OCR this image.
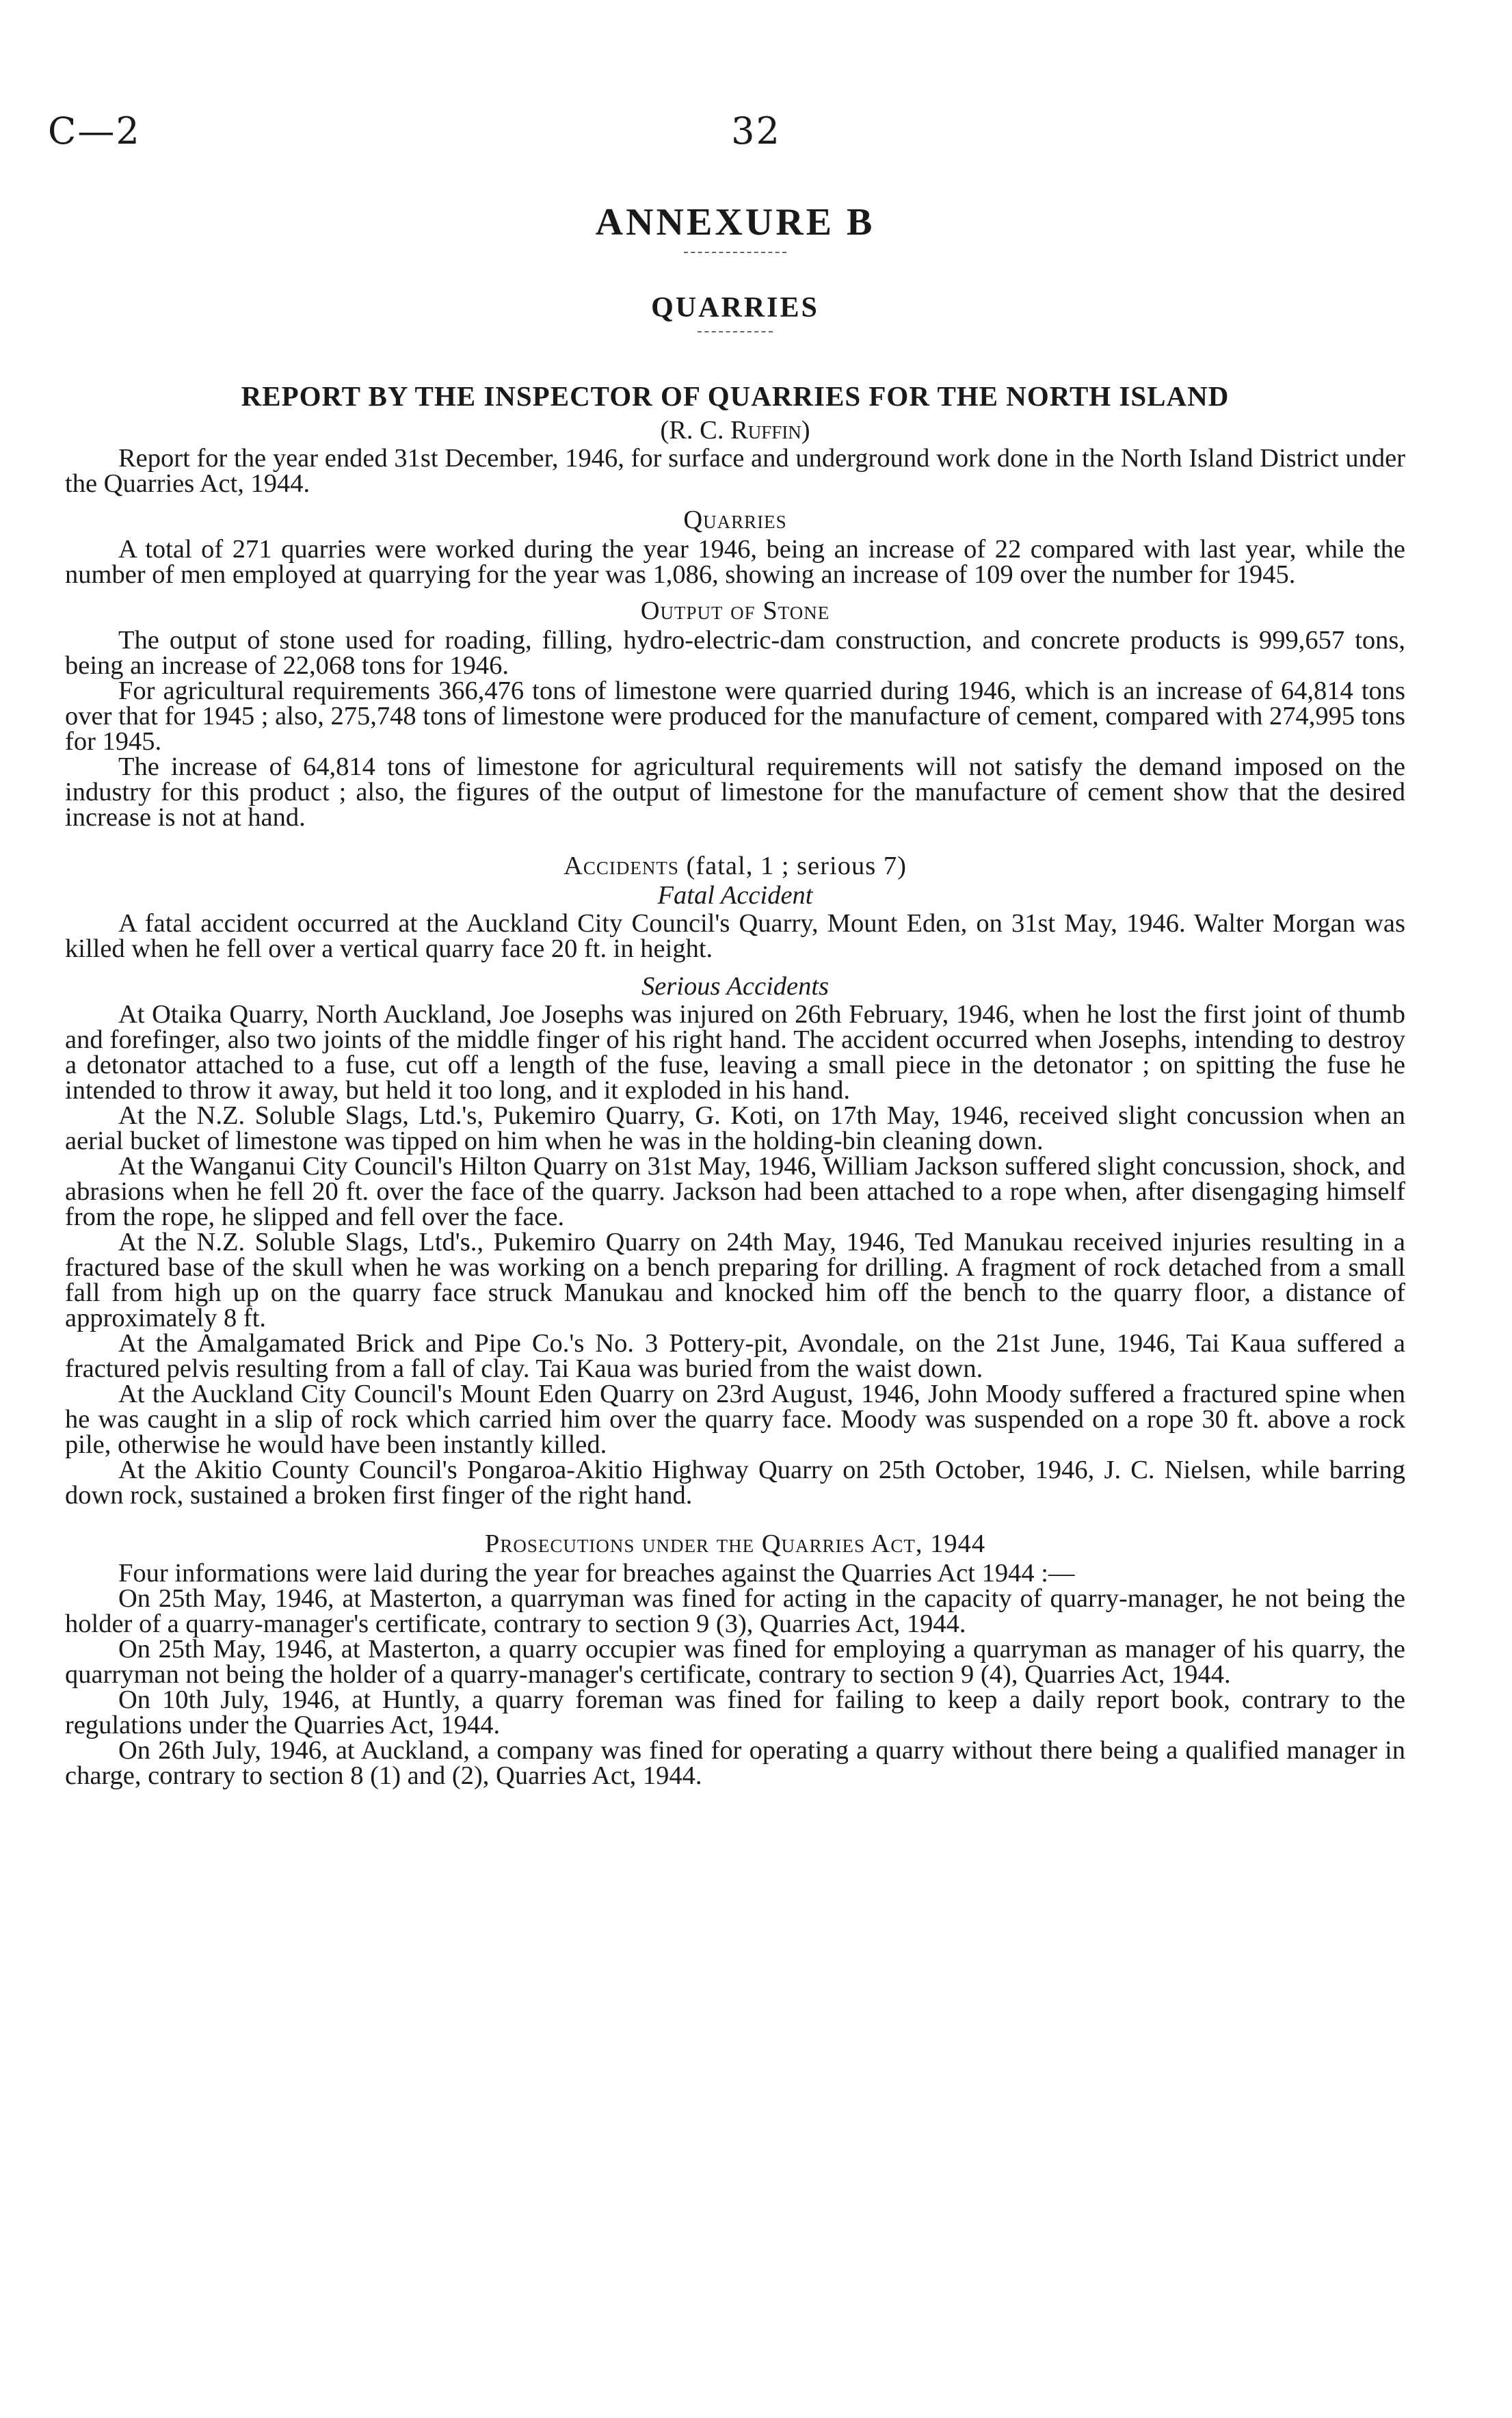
C—2	32
ANNEXURE B
QUARRIES
REPORT BY THE INSPECTOR OF QUARRIES FOR THE NORTH ISLAND
(R. C. Ruffin)

Report for the year ended 31st December, 1946, for surface and underground work done in the North Island District under the Quarries Act, 1944.

Quarries

A total of 271 quarries were worked during the year 1946, being an increase of 22 compared with last year, while the number of men employed at quarrying for the year was 1,086, showing an increase of 109 over the number for 1945.

Output of Stone

The output of stone used for roading, filling, hydro-electric-dam construction, and concrete products is 999,657 tons, being an increase of 22,068 tons for 1946.

For agricultural requirements 366,476 tons of limestone were quarried during 1946, which is an increase of 64,814 tons over that for 1945 ; also, 275,748 tons of limestone were produced for the manufacture of cement, compared with 274,995 tons for 1945.

The increase of 64,814 tons of limestone for agricultural requirements will not satisfy the demand imposed on the industry for this product ; also, the figures of the output of limestone for the manufacture of cement show that the desired increase is not at hand.

Accidents (fatal, 1 ; serious 7)
Fatal Accident

A fatal accident occurred at the Auckland City Council's Quarry, Mount Eden, on 31st May, 1946. Walter Morgan was killed when he fell over a vertical quarry face 20 ft. in height.

Serious Accidents

At Otaika Quarry, North Auckland, Joe Josephs was injured on 26th February, 1946, when he lost the first joint of thumb and forefinger, also two joints of the middle finger of his right hand. The accident occurred when Josephs, intending to destroy a detonator attached to a fuse, cut off a length of the fuse, leaving a small piece in the detonator ; on spitting the fuse he intended to throw it away, but held it too long, and it exploded in his hand.

At the N.Z. Soluble Slags, Ltd.'s, Pukemiro Quarry, G. Koti, on 17th May, 1946, received slight concussion when an aerial bucket of limestone was tipped on him when he was in the holding-bin cleaning down.

At the Wanganui City Council's Hilton Quarry on 31st May, 1946, William Jackson suffered slight concussion, shock, and abrasions when he fell 20 ft. over the face of the quarry. Jackson had been attached to a rope when, after disengaging himself from the rope, he slipped and fell over the face.

At the N.Z. Soluble Slags, Ltd's., Pukemiro Quarry on 24th May, 1946, Ted Manukau received injuries resulting in a fractured base of the skull when he was working on a bench preparing for drilling. A fragment of rock detached from a small fall from high up on the quarry face struck Manukau and knocked him off the bench to the quarry floor, a distance of approximately 8 ft.

At the Amalgamated Brick and Pipe Co.'s No. 3 Pottery-pit, Avondale, on the 21st June, 1946, Tai Kaua suffered a fractured pelvis resulting from a fall of clay. Tai Kaua was buried from the waist down.

At the Auckland City Council's Mount Eden Quarry on 23rd August, 1946, John Moody suffered a fractured spine when he was caught in a slip of rock which carried him over the quarry face. Moody was suspended on a rope 30 ft. above a rock pile, otherwise he would have been instantly killed.

At the Akitio County Council's Pongaroa-Akitio Highway Quarry on 25th October, 1946, J. C. Nielsen, while barring down rock, sustained a broken first finger of the right hand.

Prosecutions under the Quarries Act, 1944

Four informations were laid during the year for breaches against the Quarries Act 1944 :—

On 25th May, 1946, at Masterton, a quarryman was fined for acting in the capacity of quarry-manager, he not being the holder of a quarry-manager's certificate, contrary to section 9 (3), Quarries Act, 1944.

On 25th May, 1946, at Masterton, a quarry occupier was fined for employing a quarryman as manager of his quarry, the quarryman not being the holder of a quarry-manager's certificate, contrary to section 9 (4), Quarries Act, 1944.

On 10th July, 1946, at Huntly, a quarry foreman was fined for failing to keep a daily report book, contrary to the regulations under the Quarries Act, 1944.

On 26th July, 1946, at Auckland, a company was fined for operating a quarry without there being a qualified manager in charge, contrary to section 8 (1) and (2), Quarries Act, 1944.
